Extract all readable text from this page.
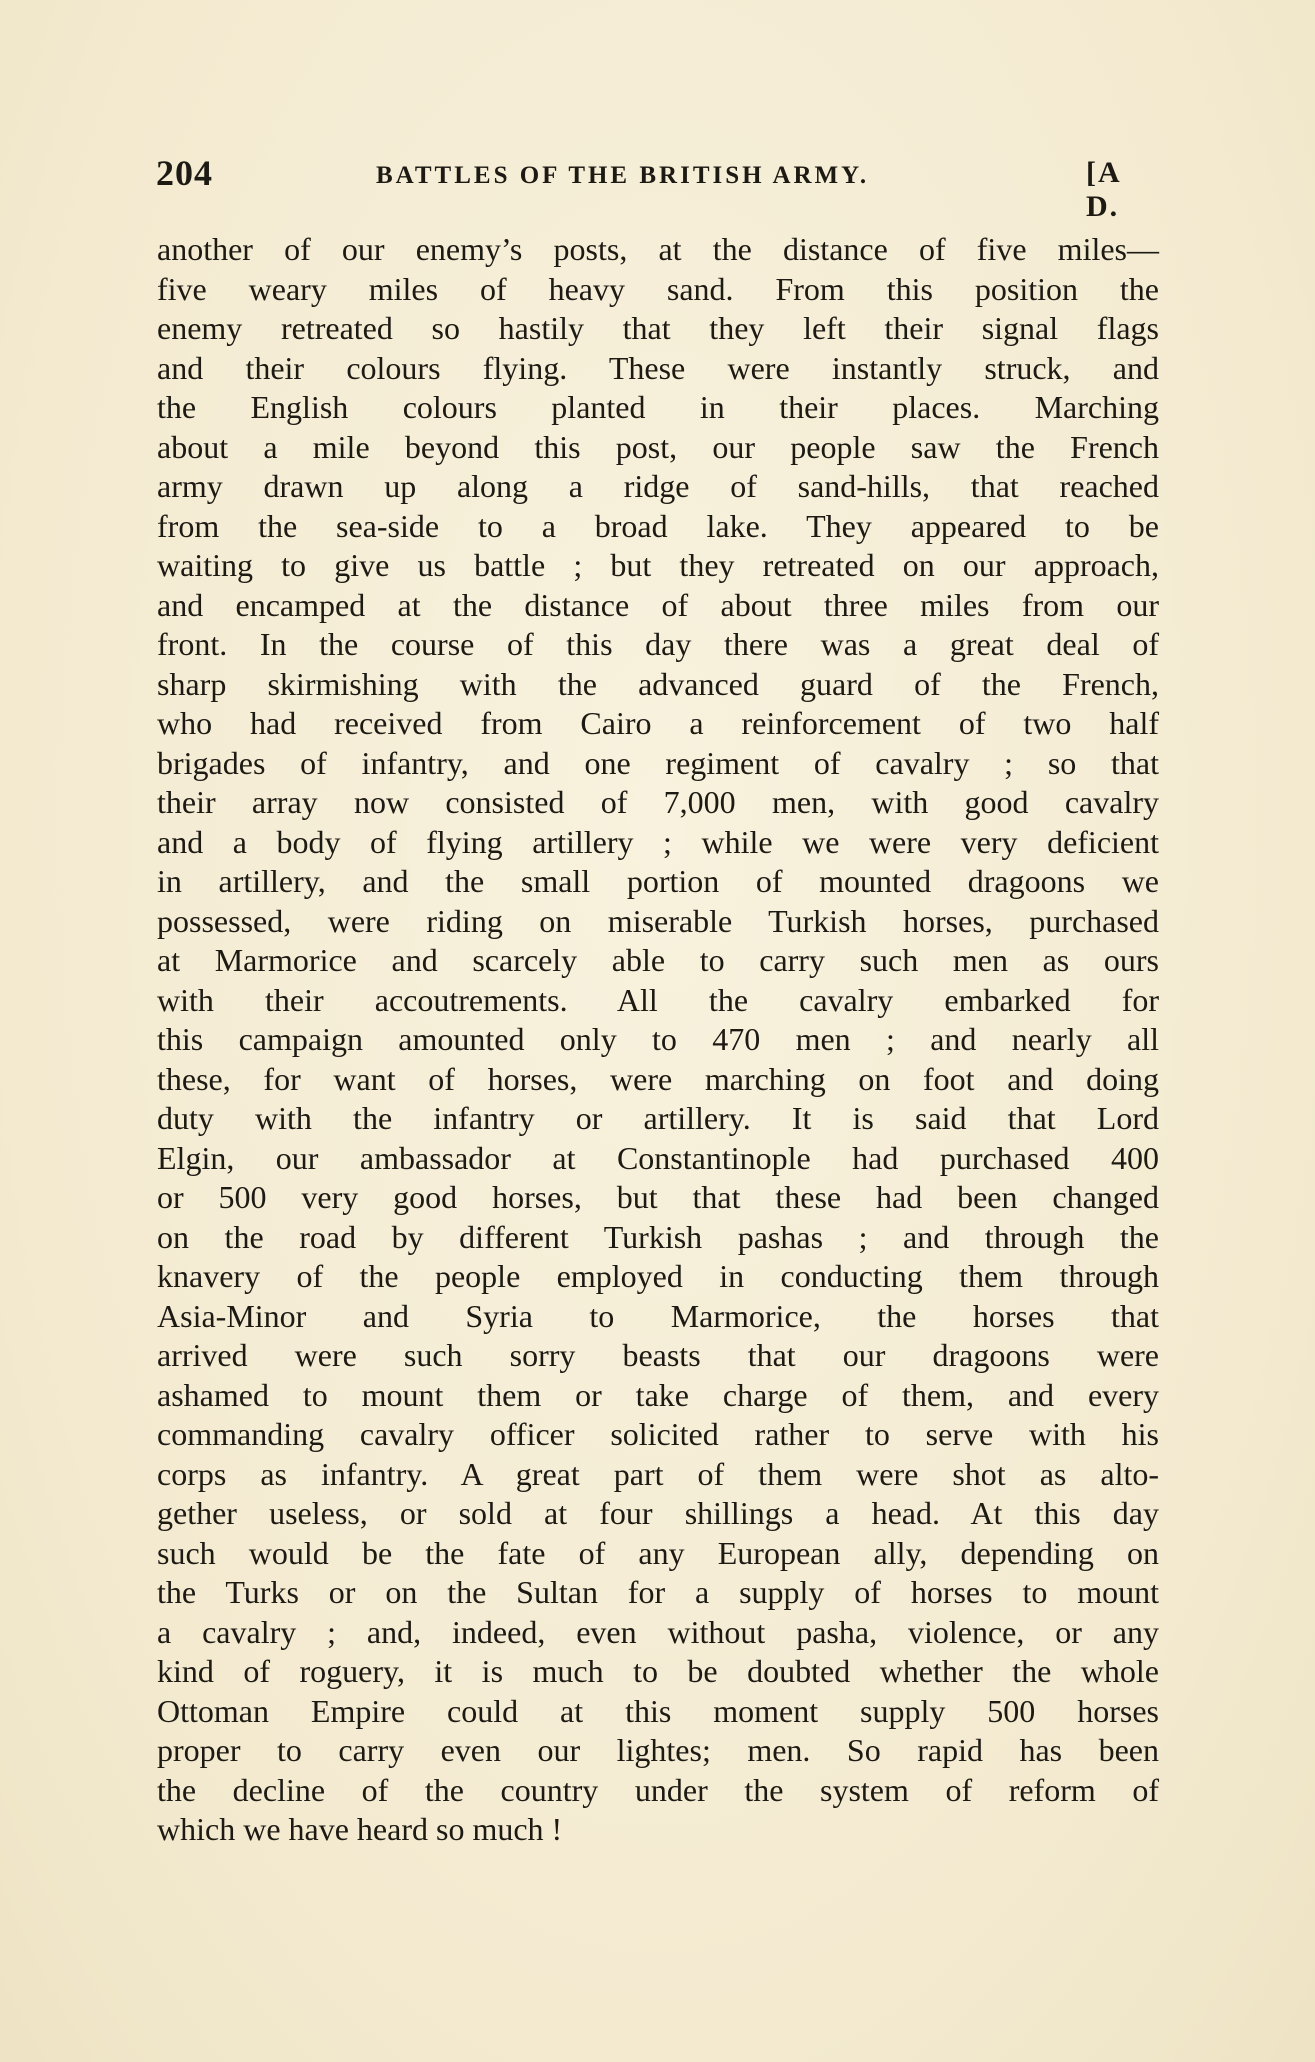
204	BATTLES OF THE BRITISH ARMY.	[A D.
another of our enemy’s posts, at the distance of five miles—
five weary miles of heavy sand. From this position the
enemy retreated so hastily that they left their signal flags
and their colours flying. These were instantly struck, and
the English colours planted in their places. Marching
about a mile beyond this post, our people saw the French
army drawn up along a ridge of sand-hills, that reached
from the sea-side to a broad lake. They appeared to be
waiting to give us battle ; but they retreated on our approach,
and encamped at the distance of about three miles from our
front. In the course of this day there was a great deal of
sharp skirmishing with the advanced guard of the French,
who had received from Cairo a reinforcement of two half
brigades of infantry, and one regiment of cavalry ; so that
their array now consisted of 7,000 men, with good cavalry
and a body of flying artillery ; while we were very deficient
in artillery, and the small portion of mounted dragoons we
possessed, were riding on miserable Turkish horses, purchased
at Marmorice and scarcely able to carry such men as ours
with their accoutrements. All the cavalry embarked for
this campaign amounted only to 470 men ; and nearly all
these, for want of horses, were marching on foot and doing
duty with the infantry or artillery. It is said that Lord
Elgin, our ambassador at Constantinople had purchased 400
or 500 very good horses, but that these had been changed
on the road by different Turkish pashas ; and through the
knavery of the people employed in conducting them through
Asia-Minor and Syria to Marmorice, the horses that
arrived were such sorry beasts that our dragoons were
ashamed to mount them or take charge of them, and every
commanding cavalry officer solicited rather to serve with his
corps as infantry. A great part of them were shot as alto-
gether useless, or sold at four shillings a head. At this day
such would be the fate of any European ally, depending on
the Turks or on the Sultan for a supply of horses to mount
a cavalry ; and, indeed, even without pasha, violence, or any
kind of roguery, it is much to be doubted whether the whole
Ottoman Empire could at this moment supply 500 horses
proper to carry even our lightes; men. So rapid has been
the decline of the country under the system of reform of
which we have heard so much !
